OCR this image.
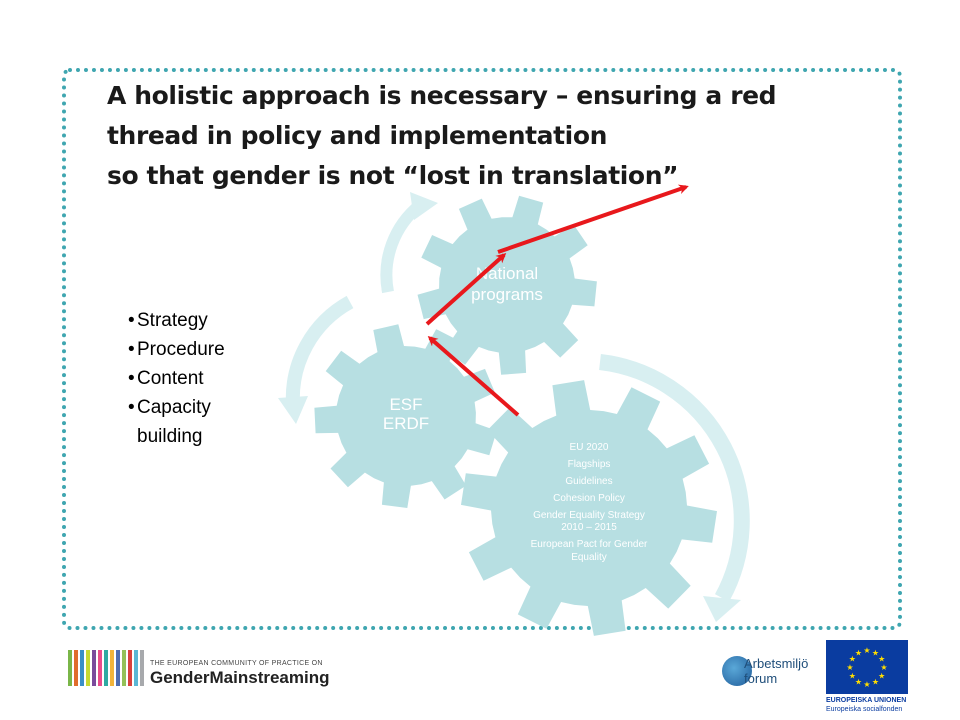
A holistic approach is necessary – ensuring a red
thread in policy and implementation
so that gender is not “lost in translation”
EU 2020
Flagships
Guidelines
Cohesion Policy
Gender Equality Strategy
2010 – 2015
European Pact for Gender
Equality
ESF
ERDF
National
programs
• Strategy
• Procedure
• Content
• Capacity
building
THE EUROPEAN COMMUNITY OF PRACTICE ON
GenderMainstreaming
Arbetsmiljö
forum
★ ★
★
★
★
★
★
★
★
★
★
★
EUROPEISKA UNIONEN
Europeiska socialfonden
